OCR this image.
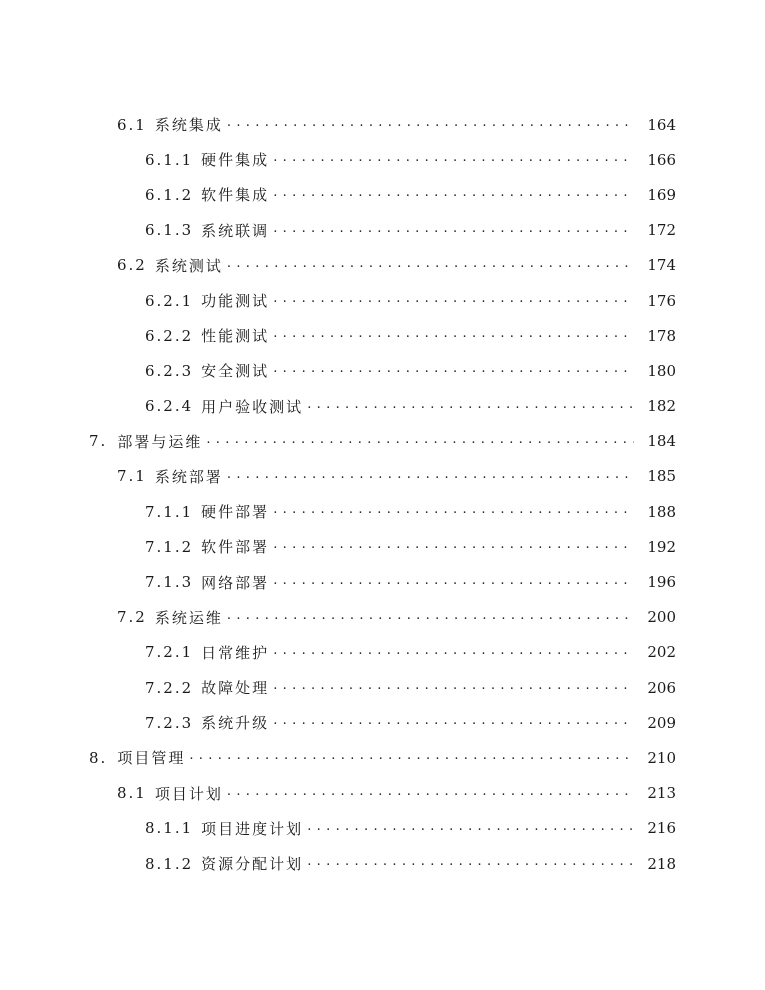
6.1 系统集成 . . .	164
6.1.1 硬件集成 . . .	166
6.1.2 软件集成 . . .	169
6.1.3 系统联调 . . .	172
6.2 系统测试 . . .	174
6.2.1 功能测试 . . .	176
6.2.2 性能测试 . . .	178
6.2.3 安全测试 . . .	180
6.2.4 用户验收测试 . . .	182
7. 部署与运维 . . .	184
7.1 系统部署 . . .	185
7.1.1 硬件部署 . . .	188
7.1.2 软件部署 . . .	192
7.1.3 网络部署 . . .	196
7.2 系统运维 . . .	200
7.2.1 日常维护 . . .	202
7.2.2 故障处理 . . .	206
7.2.3 系统升级 . . .	209
8. 项目管理 . . .	210
8.1 项目计划 . . .	213
8.1.1 项目进度计划 . . .	216
8.1.2 资源分配计划 . . .	218
